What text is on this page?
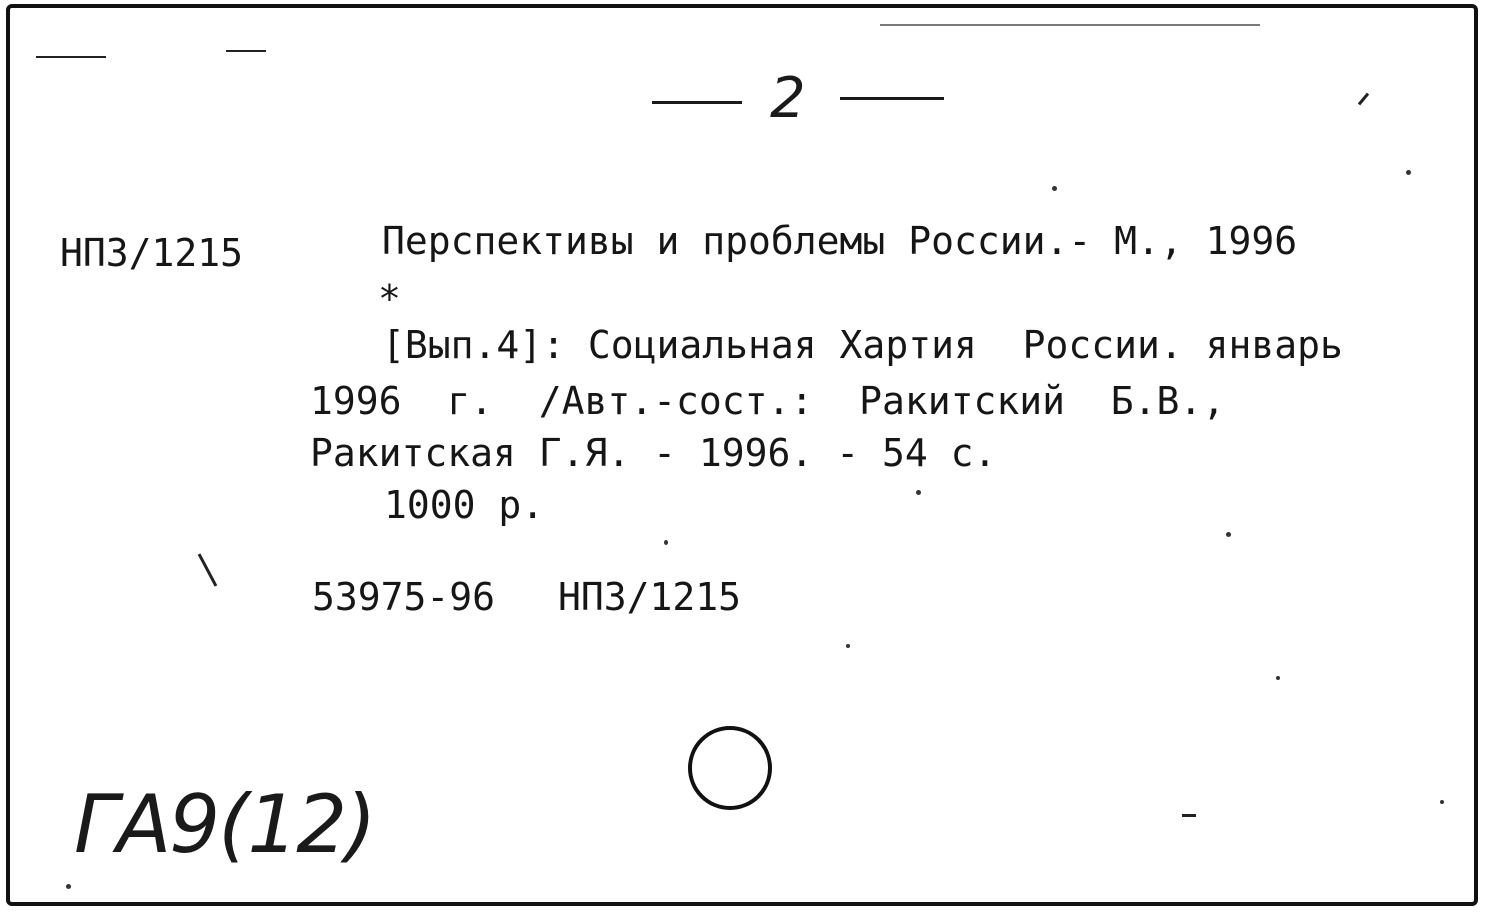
2
НП3/1215	Перспективы и проблемы России.- М., 1996
*
[Вып.4]: Социальная Хартия  России. январь
1996  г.  /Авт.-сост.:  Ракитский  Б.В.,
Ракитская Г.Я. - 1996. - 54 с.
1000 р.
53975-96 НП3/1215
ГА9(12)
